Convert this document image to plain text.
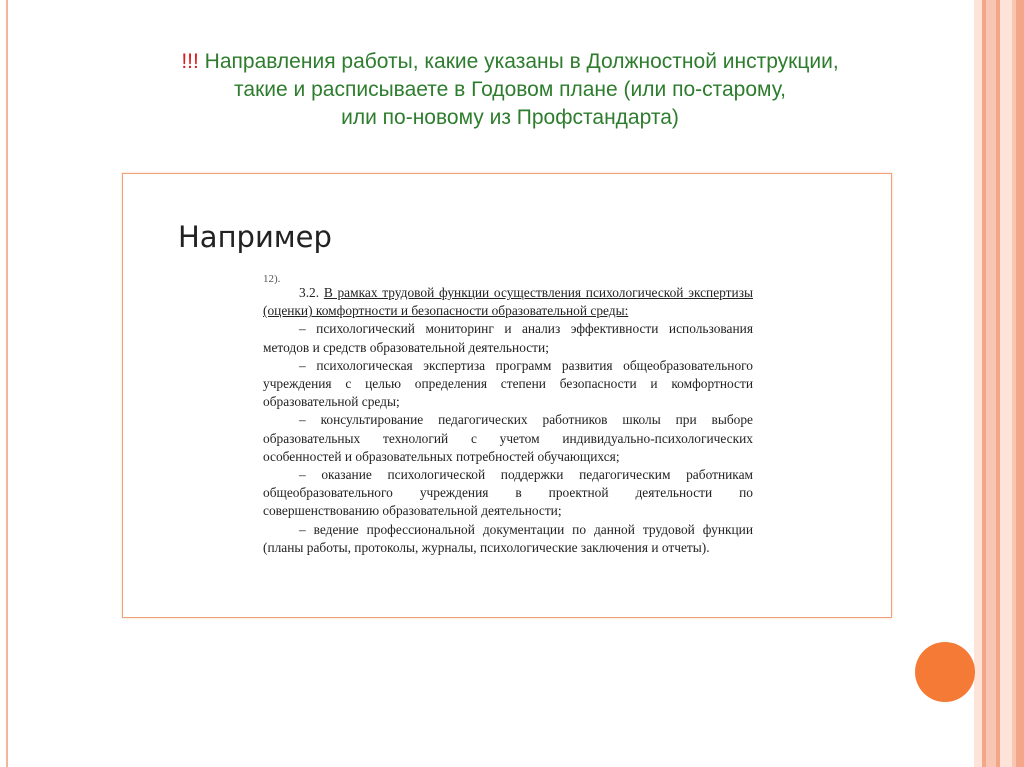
!!! Направления работы, какие указаны в Должностной инструкции,
такие и расписываете в Годовом плане (или по-старому,
или по-новому из Профстандарта)
Например
12).

3.2. В рамках трудовой функции осуществления психологической экспертизы (оценки) комфортности и безопасности образовательной среды:

– психологический мониторинг и анализ эффективности использования методов и средств образовательной деятельности;

– психологическая экспертиза программ развития общеобразовательного учреждения с целью определения степени безопасности и комфортности образовательной среды;

– консультирование педагогических работников школы при выборе образовательных технологий с учетом индивидуально-психологических особенностей и образовательных потребностей обучающихся;

– оказание психологической поддержки педагогическим работникам общеобразовательного учреждения в проектной деятельности по совершенствованию образовательной деятельности;

– ведение профессиональной документации по данной трудовой функции (планы работы, протоколы, журналы, психологические заключения и отчеты).
